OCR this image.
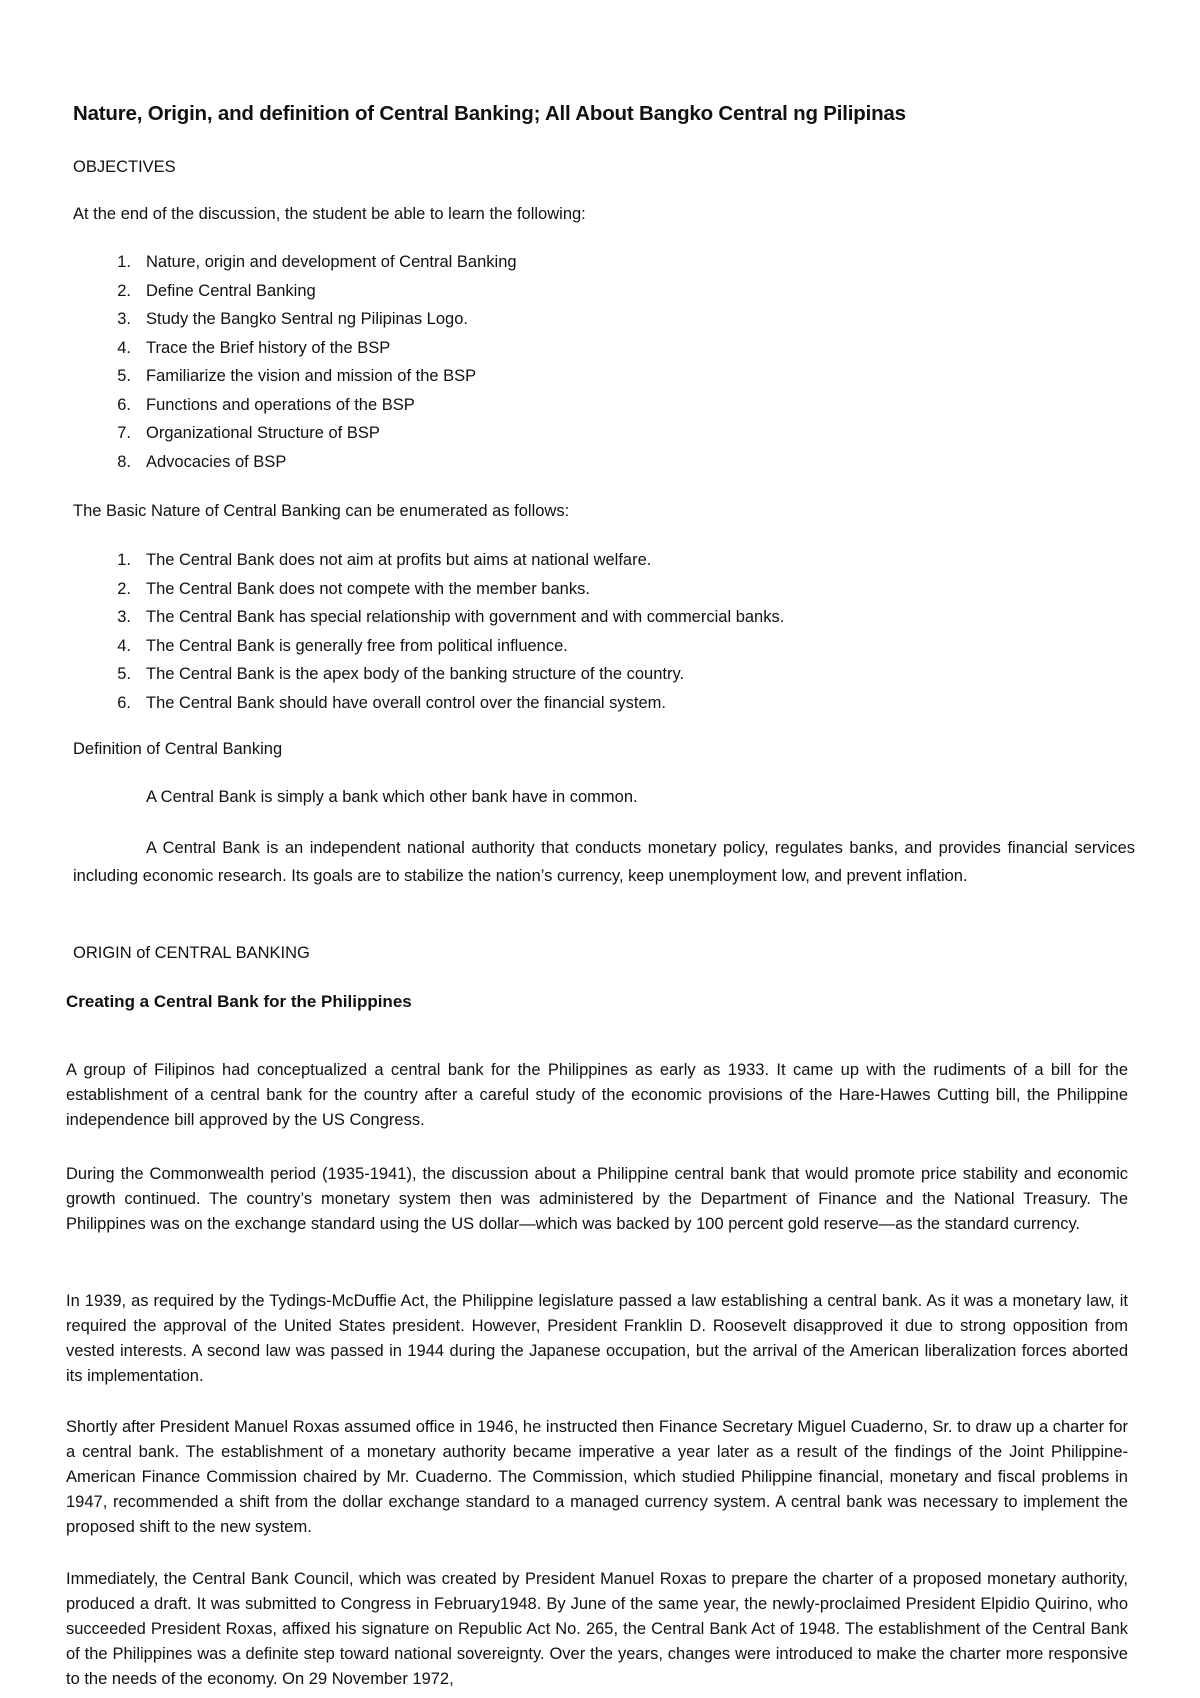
Nature, Origin, and definition of Central Banking; All About Bangko Central ng Pilipinas
OBJECTIVES
At the end of the discussion, the student be able to learn the following:
1. Nature, origin and development of Central Banking
2. Define Central Banking
3. Study the Bangko Sentral ng Pilipinas Logo.
4. Trace the Brief history of the BSP
5. Familiarize the vision and mission of the BSP
6. Functions and operations of the BSP
7. Organizational Structure of BSP
8. Advocacies of BSP
The Basic Nature of Central Banking can be enumerated as follows:
1. The Central Bank does not aim at profits but aims at national welfare.
2. The Central Bank does not compete with the member banks.
3. The Central Bank has special relationship with government and with commercial banks.
4. The Central Bank is generally free from political influence.
5. The Central Bank is the apex body of the banking structure of the country.
6. The Central Bank should have overall control over the financial system.
Definition of Central Banking
A Central Bank is simply a bank which other bank have in common.
A Central Bank is an independent national authority that conducts monetary policy, regulates banks, and provides financial services including economic research. Its goals are to stabilize the nation’s currency, keep unemployment low, and prevent inflation.
ORIGIN of CENTRAL BANKING
Creating a Central Bank for the Philippines
A group of Filipinos had conceptualized a central bank for the Philippines as early as 1933. It came up with the rudiments of a bill for the establishment of a central bank for the country after a careful study of the economic provisions of the Hare-Hawes Cutting bill, the Philippine independence bill approved by the US Congress.
During the Commonwealth period (1935-1941), the discussion about a Philippine central bank that would promote price stability and economic growth continued. The country’s monetary system then was administered by the Department of Finance and the National Treasury. The Philippines was on the exchange standard using the US dollar—which was backed by 100 percent gold reserve—as the standard currency.
In 1939, as required by the Tydings-McDuffie Act, the Philippine legislature passed a law establishing a central bank. As it was a monetary law, it required the approval of the United States president. However, President Franklin D. Roosevelt disapproved it due to strong opposition from vested interests. A second law was passed in 1944 during the Japanese occupation, but the arrival of the American liberalization forces aborted its implementation.
Shortly after President Manuel Roxas assumed office in 1946, he instructed then Finance Secretary Miguel Cuaderno, Sr. to draw up a charter for a central bank. The establishment of a monetary authority became imperative a year later as a result of the findings of the Joint Philippine-American Finance Commission chaired by Mr. Cuaderno. The Commission, which studied Philippine financial, monetary and fiscal problems in 1947, recommended a shift from the dollar exchange standard to a managed currency system. A central bank was necessary to implement the proposed shift to the new system.
Immediately, the Central Bank Council, which was created by President Manuel Roxas to prepare the charter of a proposed monetary authority, produced a draft. It was submitted to Congress in February1948. By June of the same year, the newly-proclaimed President Elpidio Quirino, who succeeded President Roxas, affixed his signature on Republic Act No. 265, the Central Bank Act of 1948. The establishment of the Central Bank of the Philippines was a definite step toward national sovereignty. Over the years, changes were introduced to make the charter more responsive to the needs of the economy. On 29 November 1972,
